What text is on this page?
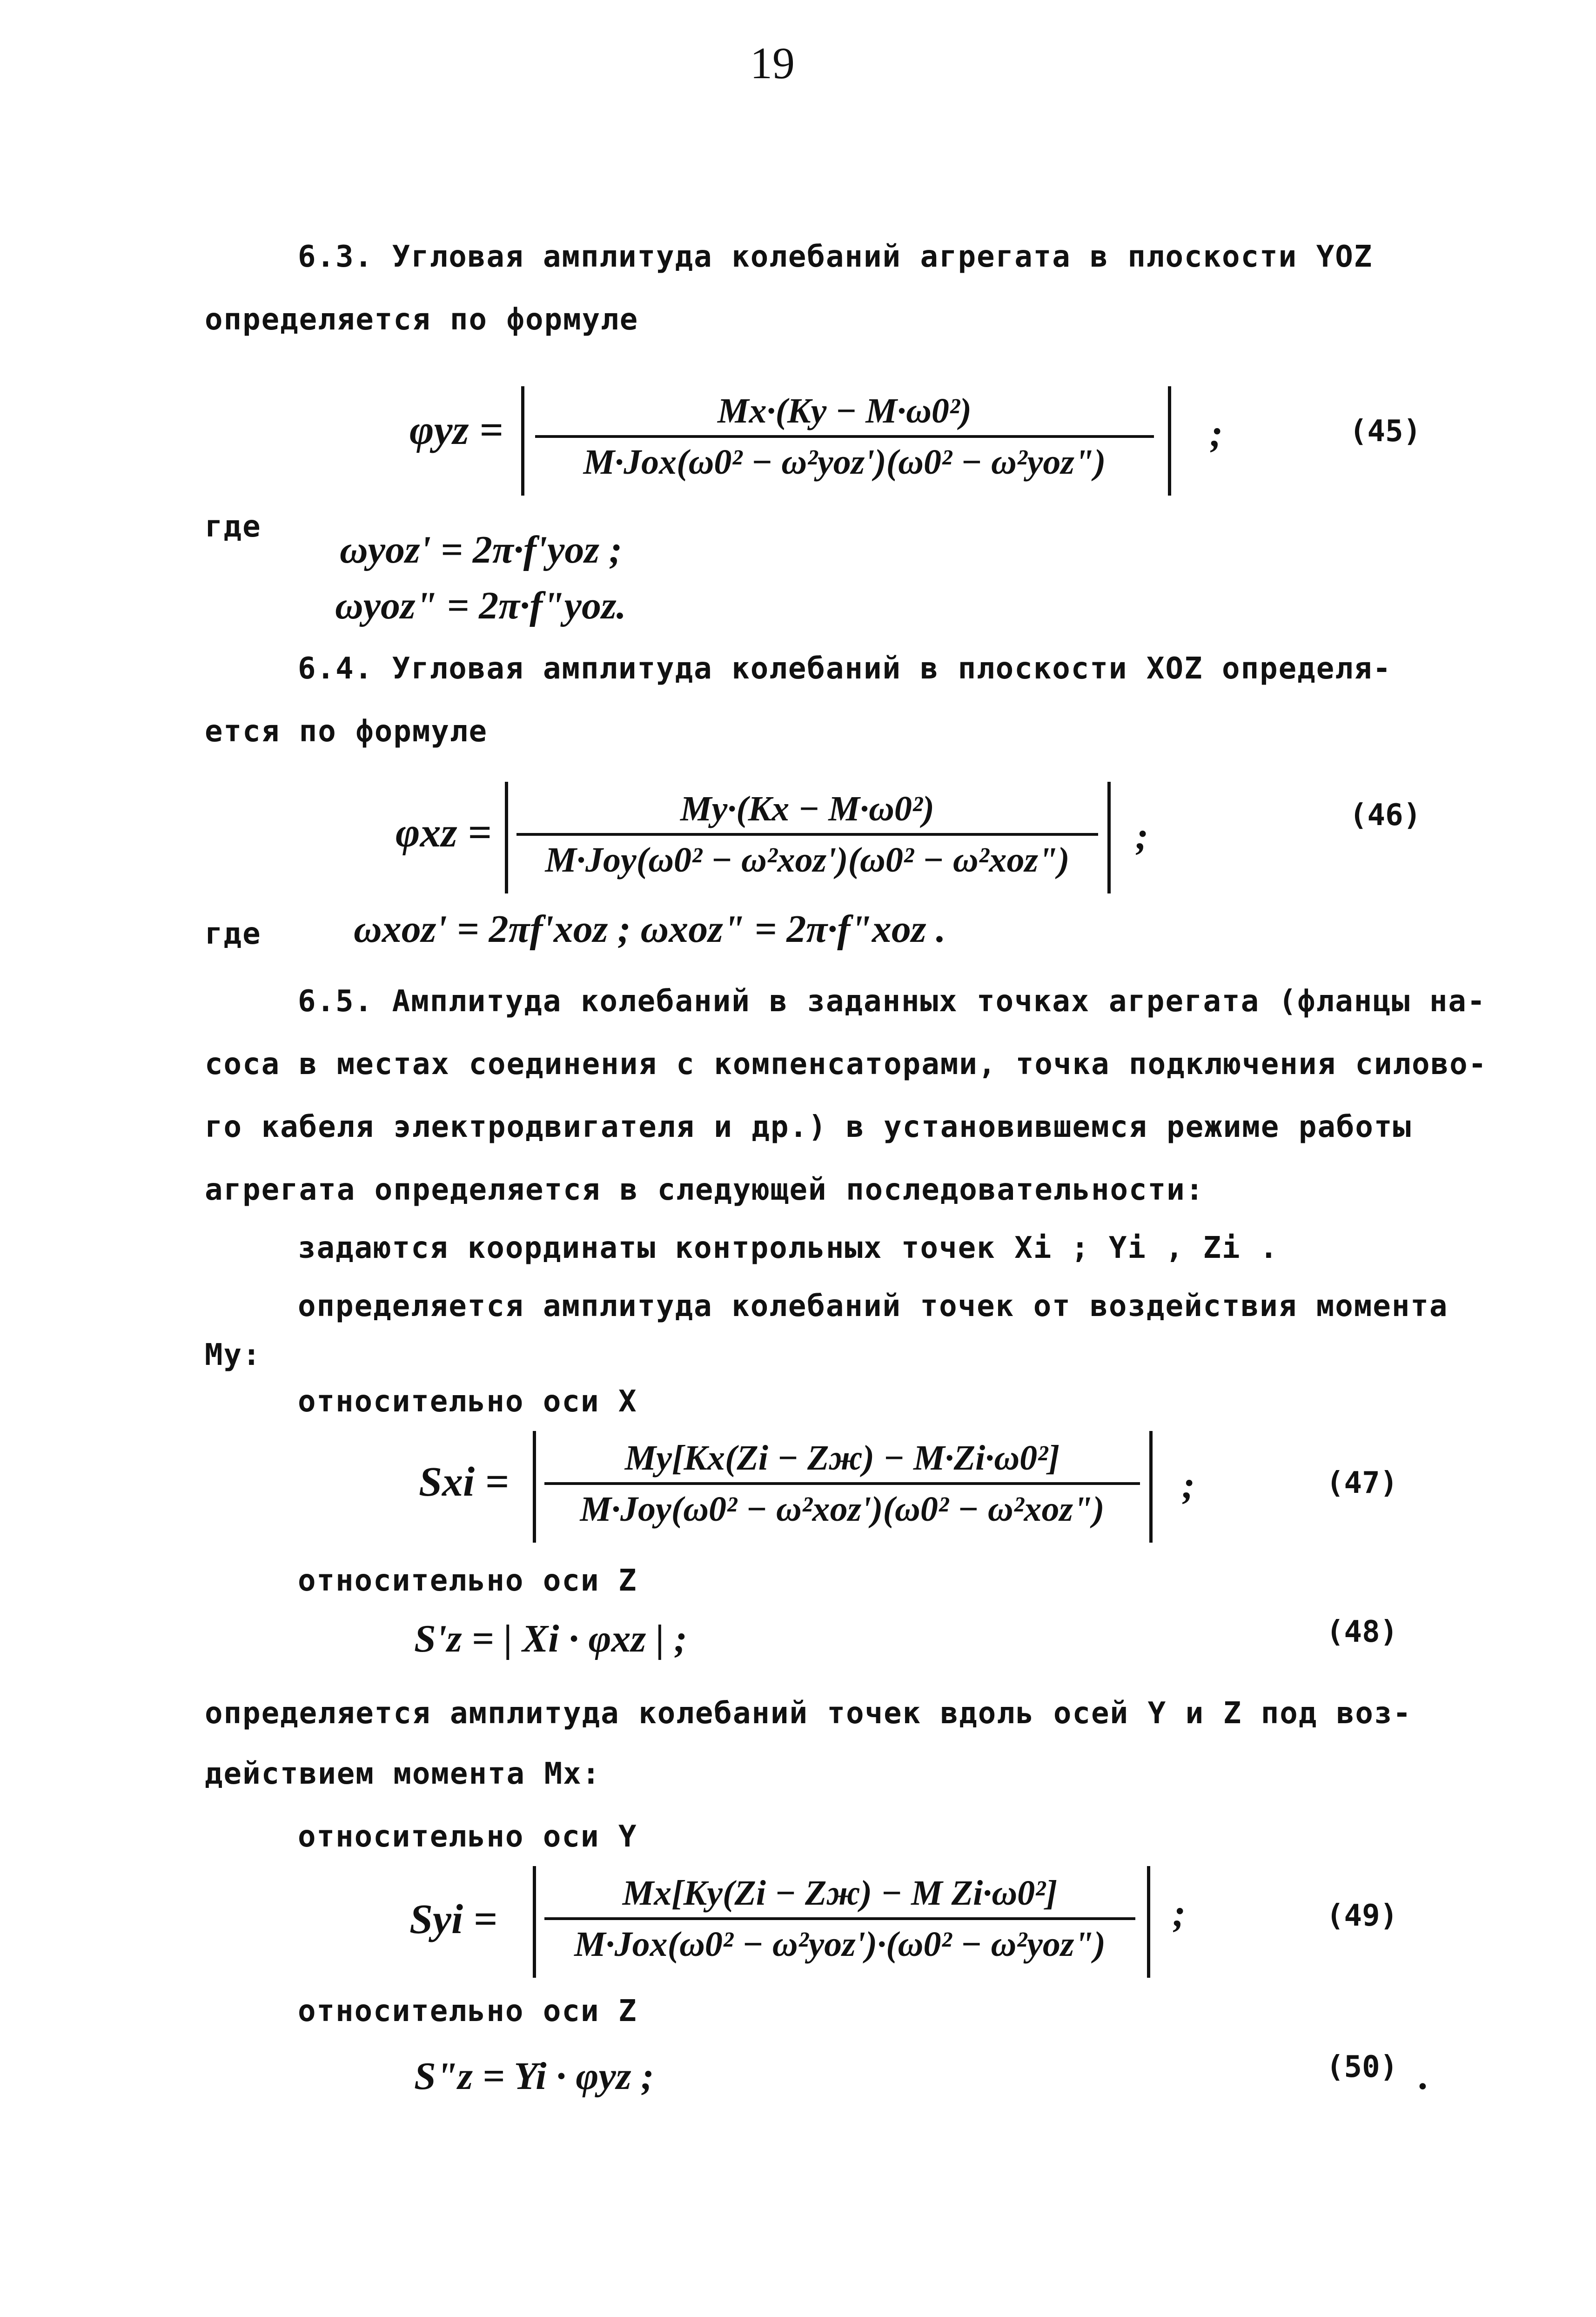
19
6.3. Угловая амплитуда колебаний агрегата в плоскости YOZ
определяется по формуле
φyz =	Mx·(Ky − M·ω0²)
M·Jox(ω0² − ω²yoz')(ω0² − ω²yoz")
;	(45)
где
ωyoz' = 2π·f'yoz ;
ωyoz" = 2π·f"yoz.
6.4. Угловая амплитуда колебаний в плоскости XOZ определя-
ется по формуле
φxz =
My·(Kx − M·ω0²)
M·Joy(ω0² − ω²xoz')(ω0² − ω²xoz")
;	(46)
где ωxoz' = 2πf'xoz ; ωxoz" = 2π·f"xoz .
6.5. Амплитуда колебаний в заданных точках агрегата (фланцы на-
соса в местах соединения с компенсаторами, точка подключения силово-
го кабеля электродвигателя и др.) в установившемся режиме работы
агрегата определяется в следующей последовательности:
задаются координаты контрольных точек Xi ; Yi , Zi .
определяется амплитуда колебаний точек от воздействия момента
My:
относительно оси X
Sxi =
My[Kx(Zi − Zж) − M·Zi·ω0²]
M·Joy(ω0² − ω²xoz')(ω0² − ω²xoz")
;	(47)
относительно оси Z
S'z = | Xi · φxz | ;	(48)
определяется амплитуда колебаний точек вдоль осей Y и Z под воз-
действием момента Mx:
относительно оси Y
Syi =
Mx[Ky(Zi − Zж) − M Zi·ω0²]
M·Jox(ω0² − ω²yoz')·(ω0² − ω²yoz")
;	(49)
относительно оси Z
S"z = Yi · φyz ;	(50) .
